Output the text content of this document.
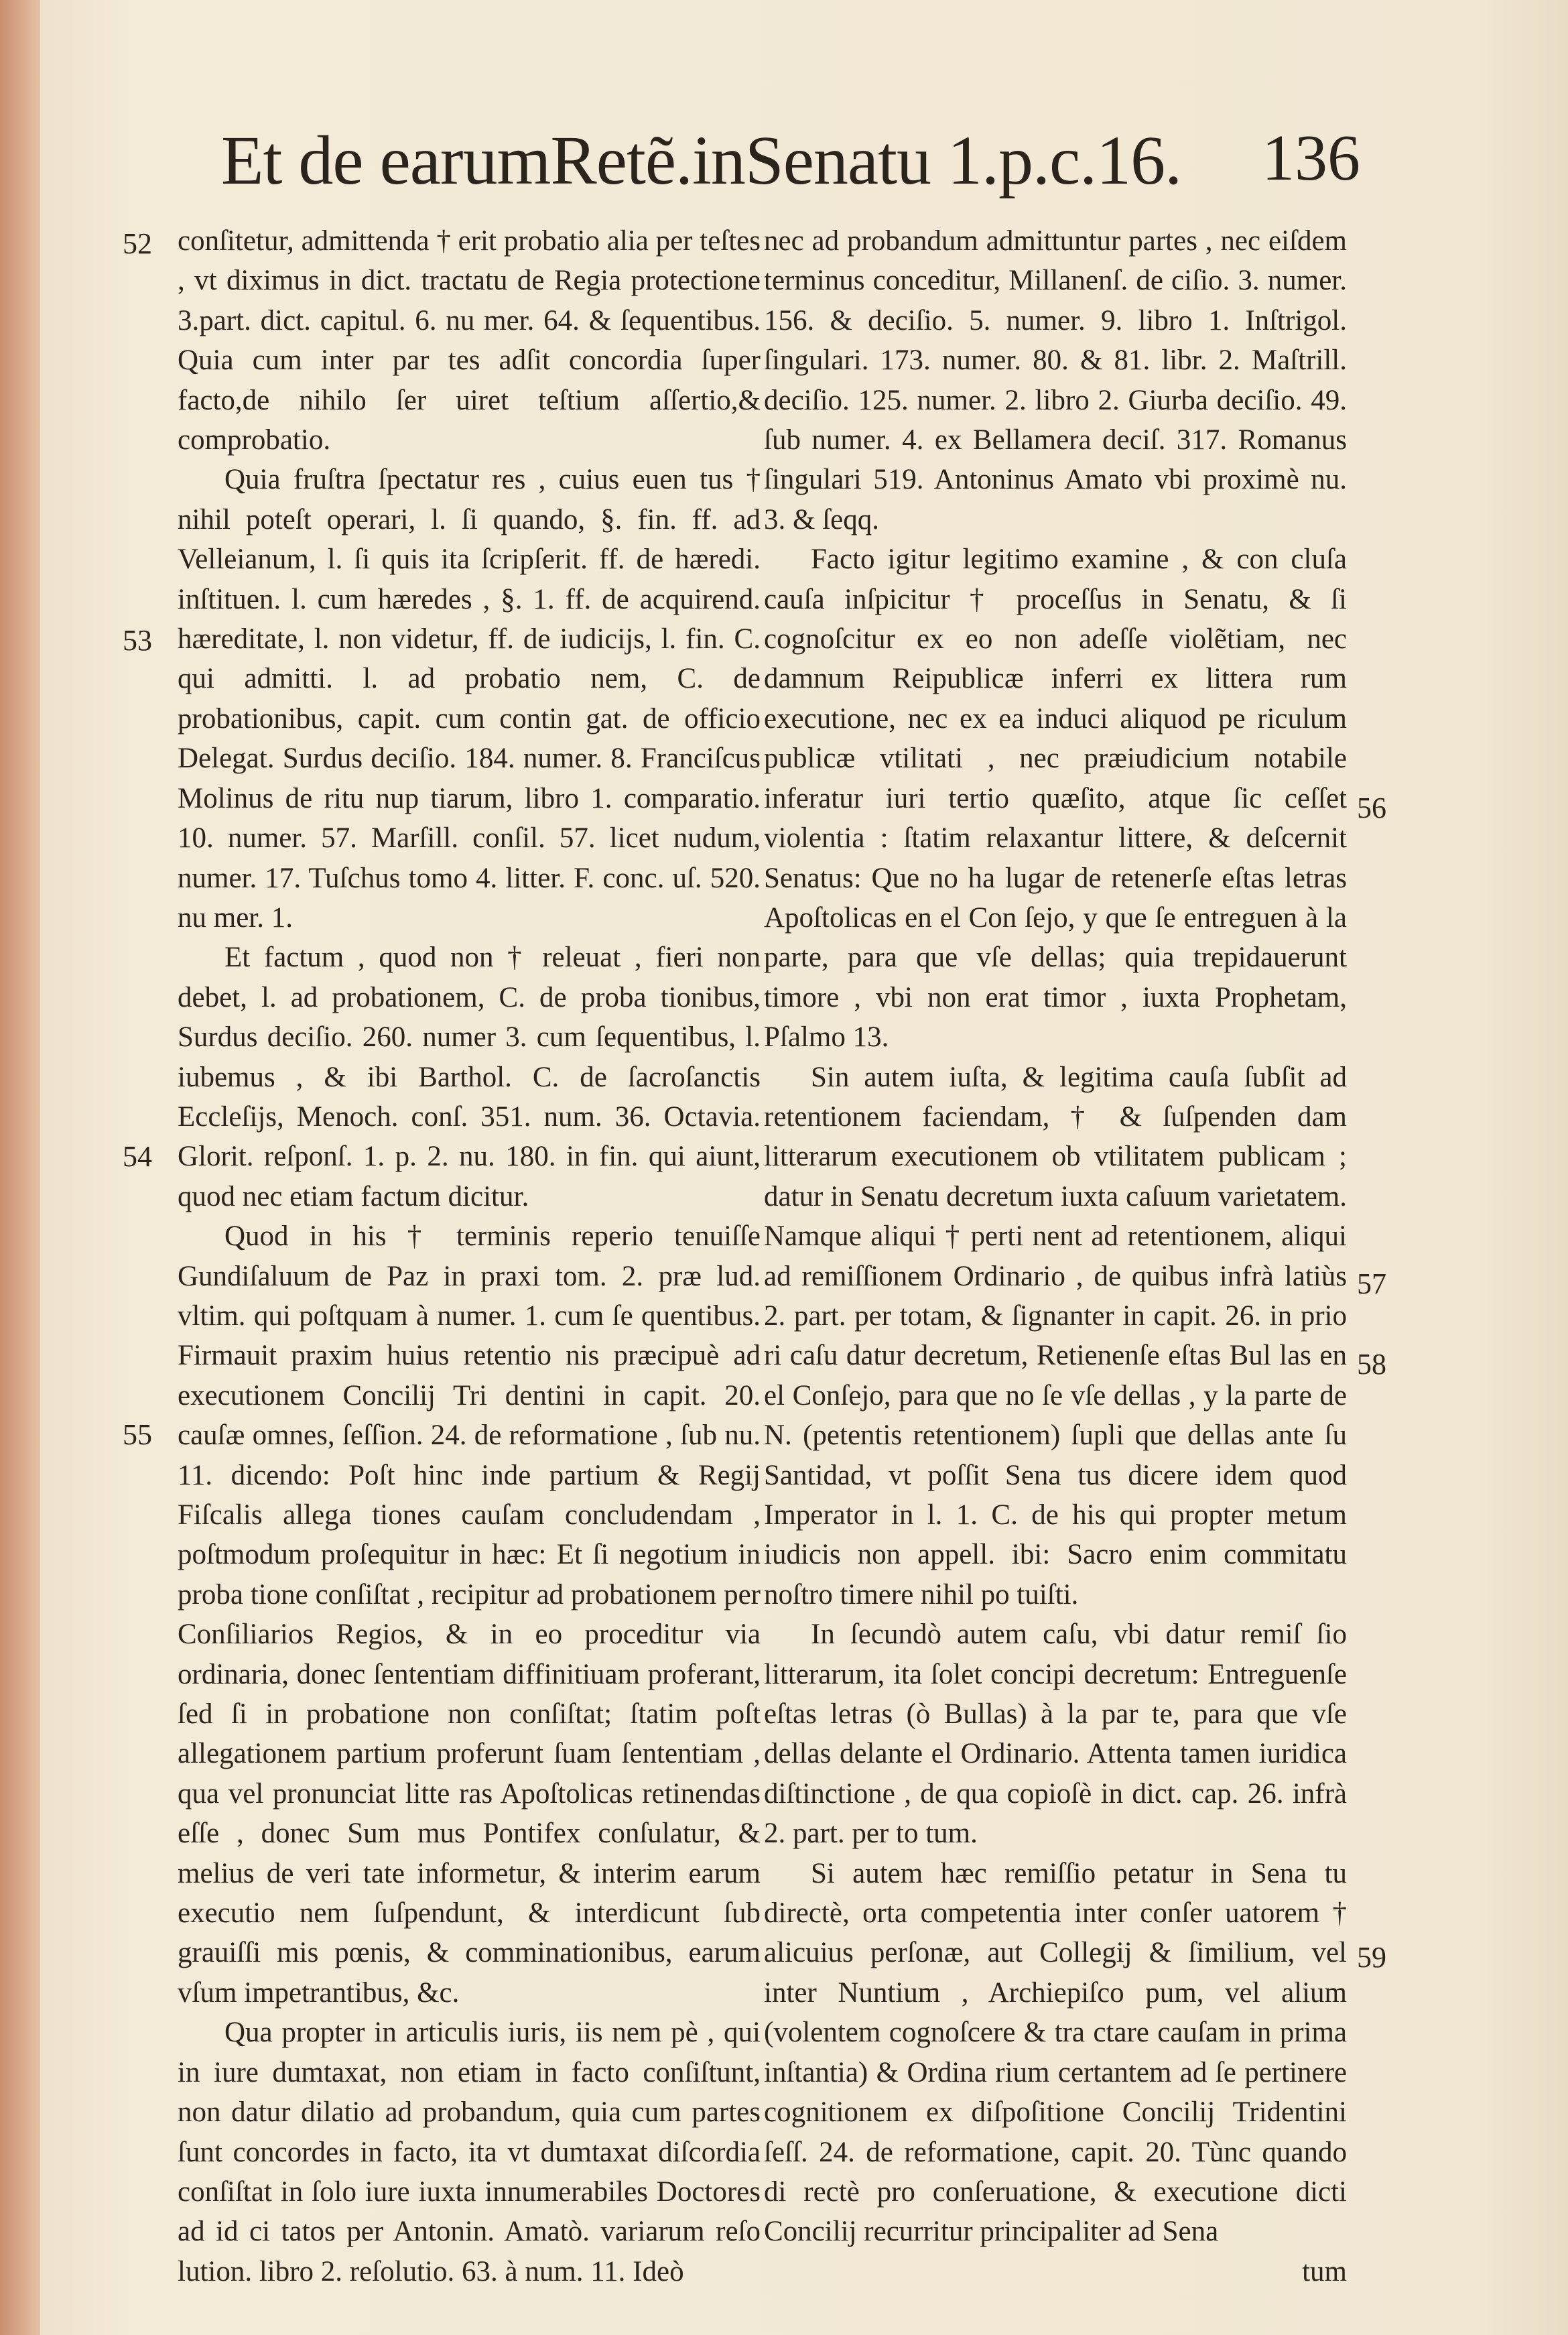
Et de earumRetẽ.inSenatu 1.p.c.16. 136
52
53
54
55
56
57
58
59

conſitetur, admittenda † erit probatio alia per teſtes , vt diximus in dict. tractatu de Regia protectione 3.part. dict. capitul. 6. nu mer. 64. & ſequentibus. Quia cum inter par tes adſit concordia ſuper facto,de nihilo ſer uiret teſtium aſſertio,& comprobatio.

Quia fruſtra ſpectatur res , cuius euen tus † nihil poteſt operari, l. ſi quando, §. fin. ff. ad Velleianum, l. ſi quis ita ſcripſerit. ff. de hæredi. inſtituen. l. cum hæredes , §. 1. ff. de acquirend. hæreditate, l. non videtur, ff. de iudicijs, l. fin. C. qui admitti. l. ad probatio nem, C. de probationibus, capit. cum contin gat. de officio Delegat. Surdus deciſio. 184. numer. 8. Franciſcus Molinus de ritu nup tiarum, libro 1. comparatio. 10. numer. 57. Marſill. conſil. 57. licet nudum, numer. 17. Tuſchus tomo 4. litter. F. conc. uſ. 520. nu mer. 1.

Et factum , quod non † releuat , fieri non debet, l. ad probationem, C. de proba tionibus, Surdus deciſio. 260. numer 3. cum ſequentibus, l. iubemus , & ibi Barthol. C. de ſacroſanctis Eccleſijs, Menoch. conſ. 351. num. 36. Octavia. Glorit. reſponſ. 1. p. 2. nu. 180. in fin. qui aiunt, quod nec etiam factum dicitur.

Quod in his † terminis reperio tenuiſſe Gundiſaluum de Paz in praxi tom. 2. præ lud. vltim. qui poſtquam à numer. 1. cum ſe quentibus. Firmauit praxim huius retentio nis præcipuè ad executionem Concilij Tri dentini in capit. 20. cauſæ omnes, ſeſſion. 24. de reformatione , ſub nu. 11. dicendo: Poſt hinc inde partium & Regij Fiſcalis allega tiones cauſam concludendam , poſtmodum proſequitur in hæc: Et ſi negotium in proba tione conſiſtat , recipitur ad probationem per Conſiliarios Regios, & in eo proceditur via ordinaria, donec ſententiam diffinitiuam proferant, ſed ſi in probatione non conſiſtat; ſtatim poſt allegationem partium proferunt ſuam ſententiam , qua vel pronunciat litte ras Apoſtolicas retinendas eſſe , donec Sum mus Pontifex conſulatur, & melius de veri tate informetur, & interim earum executio nem ſuſpendunt, & interdicunt ſub grauiſſi mis pœnis, & comminationibus, earum vſum impetrantibus, &c.

Qua propter in articulis iuris, iis nem pè , qui in iure dumtaxat, non etiam in facto conſiſtunt, non datur dilatio ad probandum, quia cum partes ſunt concordes in facto, ita vt dumtaxat diſcordia conſiſtat in ſolo iure iuxta innumerabiles Doctores ad id ci tatos per Antonin. Amatò. variarum reſo lution. libro 2. reſolutio. 63. à num. 11. Ideò

nec ad probandum admittuntur partes , nec eiſdem terminus conceditur, Millanenſ. de ciſio. 3. numer. 156. & deciſio. 5. numer. 9. libro 1. Inſtrigol. ſingulari. 173. numer. 80. & 81. libr. 2. Maſtrill. deciſio. 125. numer. 2. libro 2. Giurba deciſio. 49. ſub numer. 4. ex Bellamera deciſ. 317. Romanus ſingulari 519. Antoninus Amato vbi proximè nu. 3. & ſeqq.

Facto igitur legitimo examine , & con cluſa cauſa inſpicitur † proceſſus in Senatu, & ſi cognoſcitur ex eo non adeſſe violẽtiam, nec damnum Reipublicæ inferri ex littera rum executione, nec ex ea induci aliquod pe riculum publicæ vtilitati , nec præiudicium notabile inferatur iuri tertio quæſito, atque ſic ceſſet violentia : ſtatim relaxantur littere, & deſcernit Senatus: Que no ha lugar de retenerſe eſtas letras Apoſtolicas en el Con ſejo, y que ſe entreguen à la parte, para que vſe dellas; quia trepidauerunt timore , vbi non erat timor , iuxta Prophetam, Pſalmo 13.

Sin autem iuſta, & legitima cauſa ſubſit ad retentionem faciendam, † & ſuſpenden dam litterarum executionem ob vtilitatem publicam ; datur in Senatu decretum iuxta caſuum varietatem. Namque aliqui † perti nent ad retentionem, aliqui ad remiſſionem Ordinario , de quibus infrà latiùs 2. part. per totam, & ſignanter in capit. 26. in prio ri caſu datur decretum, Retienenſe eſtas Bul las en el Conſejo, para que no ſe vſe dellas , y la parte de N. (petentis retentionem) ſupli que dellas ante ſu Santidad, vt poſſit Sena tus dicere idem quod Imperator in l. 1. C. de his qui propter metum iudicis non appell. ibi: Sacro enim commitatu noſtro timere nihil po tuiſti.

In ſecundò autem caſu, vbi datur remiſ ſio litterarum, ita ſolet concipi decretum: Entreguenſe eſtas letras (ò Bullas) à la par te, para que vſe dellas delante el Ordinario. Attenta tamen iuridica diſtinctione , de qua copioſè in dict. cap. 26. infrà 2. part. per to tum.

Si autem hæc remiſſio petatur in Sena tu directè, orta competentia inter conſer uatorem † alicuius perſonæ, aut Collegij & ſimilium, vel inter Nuntium , Archiepiſco pum, vel alium (volentem cognoſcere & tra ctare cauſam in prima inſtantia) & Ordina rium certantem ad ſe pertinere cognitionem ex diſpoſitione Concilij Tridentini ſeſſ. 24. de reformatione, capit. 20. Tùnc quando di rectè pro conſeruatione, & executione dicti Concilij recurritur principaliter ad Sena

tum
